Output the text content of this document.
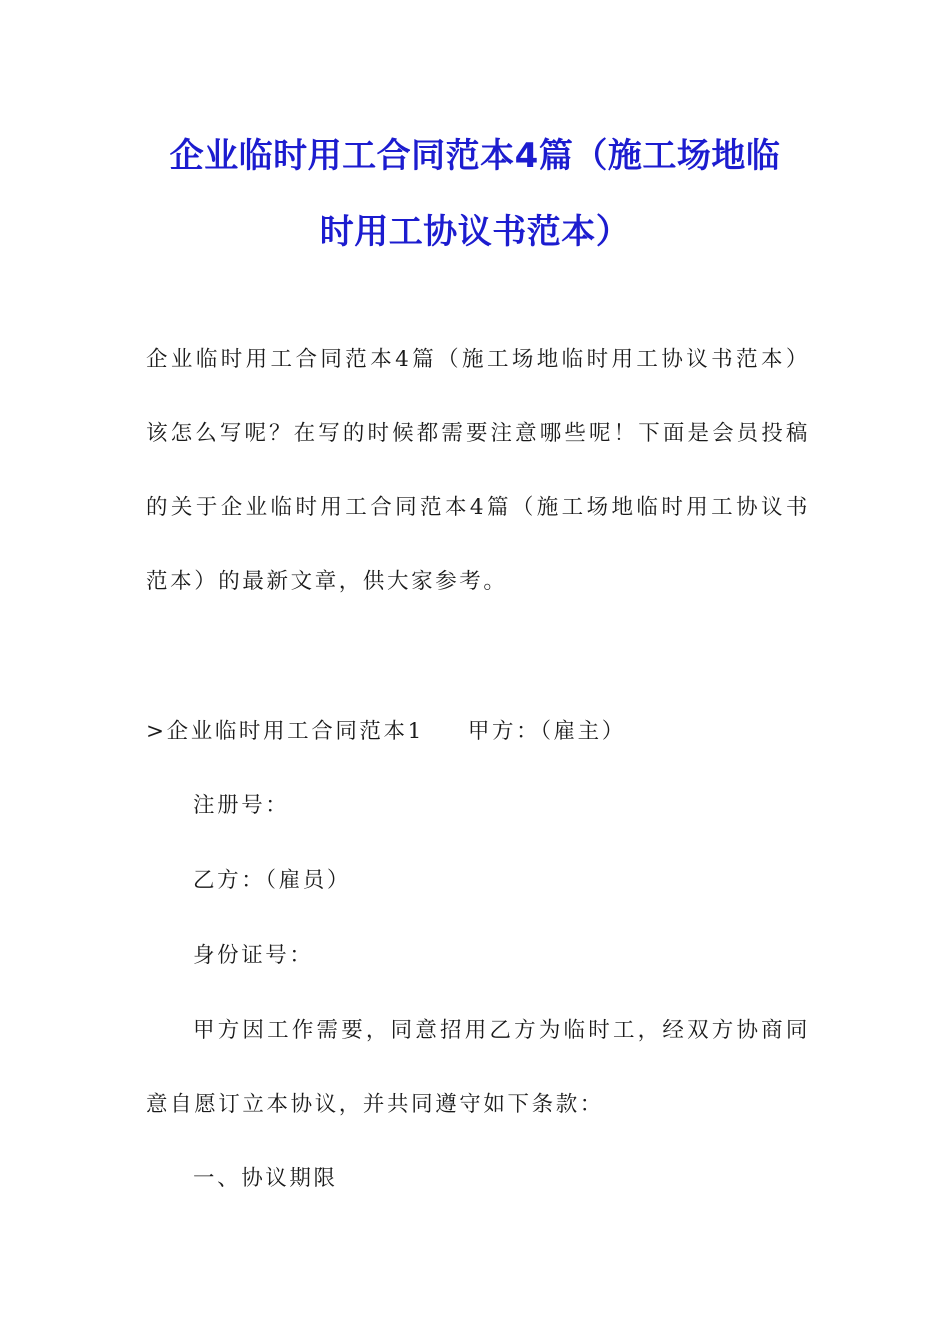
企业临时用工合同范本4篇（施工场地临
时用工协议书范本）

企业临时用工合同范本4篇（施工场地临时用工协议书范本）该怎么写呢？在写的时候都需要注意哪些呢！下面是会员投稿的关于企业临时用工合同范本4篇（施工场地临时用工协议书范本）的最新文章，供大家参考。

>企业临时用工合同范本1 甲方：（雇主）

注册号：

乙方：（雇员）

身份证号：

甲方因工作需要，同意招用乙方为临时工，经双方协商同意自愿订立本协议，并共同遵守如下条款：

一、协议期限
